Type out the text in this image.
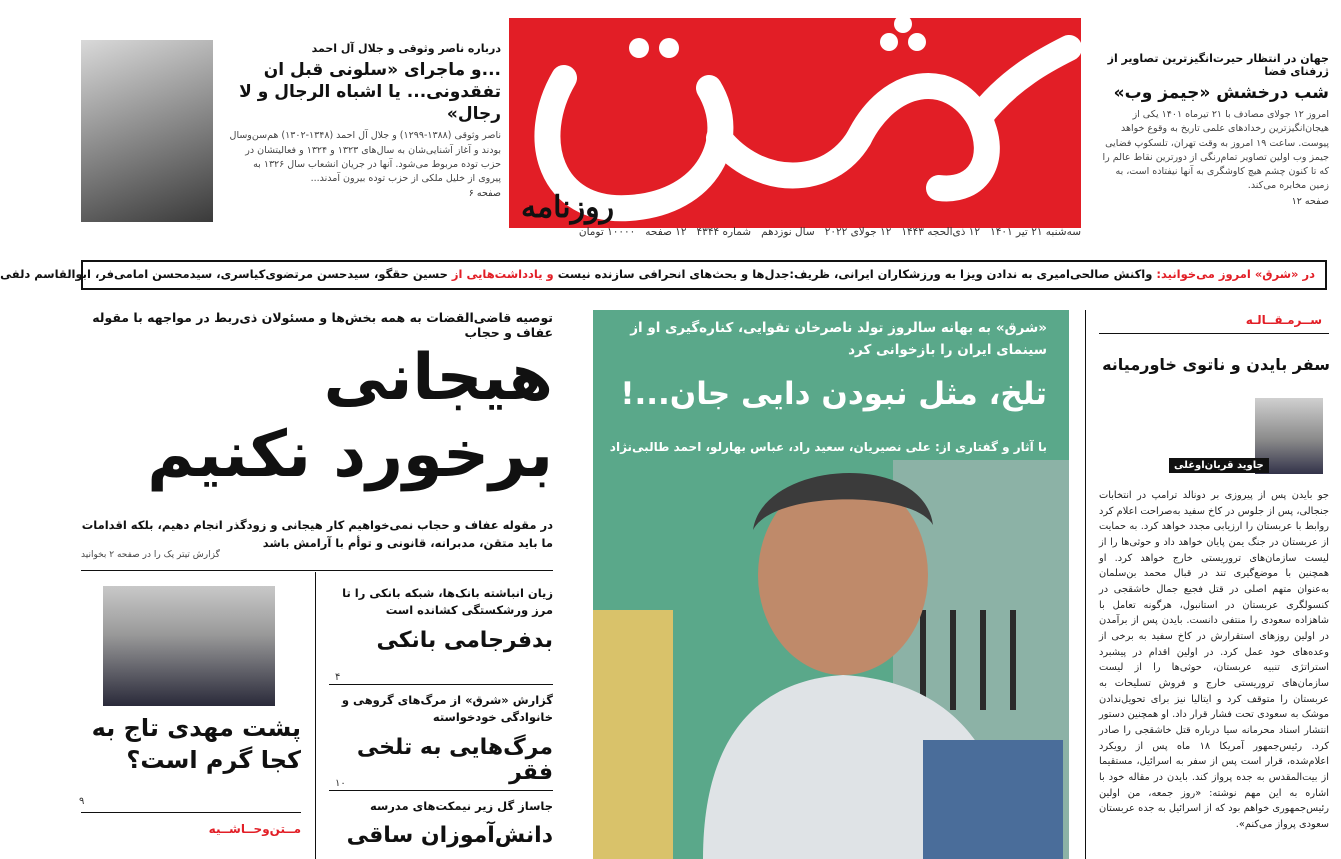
روزنامه
سه‌شنبه ۲۱ تیر ۱۴۰۱
۱۲ ذی‌الحجه ۱۴۴۳
۱۲ جولای ۲۰۲۲
سال نوزدهم
شماره ۴۳۴۴
۱۲ صفحه
۱۰۰۰۰ تومان
درباره ناصر وثوقی و جلال آل احمد
...و ماجرای «سلونی قبل ان تفقدونی... یا اشباه الرجال و لا رجال»
ناصر وثوقی (۱۳۸۸-۱۲۹۹) و جلال آل احمد (۱۳۴۸-۱۳۰۲) هم‌سن‌وسال بودند و آغاز آشنایی‌شان به سال‌های ۱۳۲۳ و ۱۳۲۴ و فعالیتشان در حزب توده مربوط می‌شود. آنها در جریان انشعاب سال ۱۳۲۶ به پیروی از خلیل ملکی از حزب توده بیرون آمدند...
صفحه ۶
جهان در انتظار حیرت‌انگیزترین تصاویر از ژرفنای فضا
شب درخشش «جیمز وب»
امروز ۱۲ جولای مصادف با ۲۱ تیرماه ۱۴۰۱ یکی از هیجان‌انگیزترین رخدادهای علمی تاریخ به وقوع خواهد پیوست. ساعت ۱۹ امروز به وقت تهران، تلسکوپ فضایی جیمز وب اولین تصاویر تمام‌رنگی از دورترین نقاط عالم را که تا کنون چشم هیچ کاوشگری به آنها نیفتاده است، به زمین مخابره می‌کند.
صفحه ۱۲
در «شرق» امروز می‌خوانید: واکنش صالحی‌امیری به ندادن ویزا به ورزشکاران ایرانی، ظریف:جدل‌ها و بحث‌های انحرافی سازنده نیست و یادداشت‌هایی از حسین حقگو، سیدحسن مرتضوی‌کیاسری، سیدمحسن امامی‌فر، ابوالقاسم دلفی
توصیه قاضی‌القضات به همه بخش‌ها و مسئولان ذی‌ربط در مواجهه با مقوله عفاف و حجاب
هیجانی
برخورد نکنیم
در مقوله عفاف و حجاب نمی‌خواهیم کار هیجانی و زودگذر انجام دهیم، بلکه اقدامات ما باید متقن، مدبرانه، قانونی و توأم با آرامش باشد
گزارش تیتر یک را در صفحه ۲ بخوانید
پشت مهدی تاج به کجا گرم است؟
۹
مــتن‌وحــاشــیه
زیان انباشته بانک‌ها، شبکه بانکی را تا مرز ورشکستگی کشانده است
بدفرجامی بانکی
۴
گزارش «شرق» از مرگ‌های گروهی و خانوادگی خودخواسته
مرگ‌هایی به تلخی فقر
۱۰
جاساز گل زیر نیمکت‌های مدرسه
دانش‌آموزان ساقی
«شرق» به بهانه سالروز تولد ناصرخان تقوایی، کناره‌گیری او از سینمای ایران را بازخوانی کرد
تلخ، مثل نبودن دایی جان...!
با آثار و گفتاری از: علی نصیریان، سعید راد، عباس بهارلو، احمد طالبی‌نژاد
ســرمـقــالـه
سفر بایدن و ناتوی خاورمیانه
جاوید قربان‌اوغلی
جو بایدن پس از پیروزی بر دونالد ترامپ در انتخابات جنجالی، پس از جلوس در کاخ سفید به‌صراحت اعلام کرد روابط با عربستان را ارزیابی مجدد خواهد کرد. به حمایت از عربستان در جنگ یمن پایان خواهد داد و حوثی‌ها را از لیست سازمان‌های تروریستی خارج خواهد کرد. او همچنین با موضع‌گیری تند در قبال محمد بن‌سلمان به‌عنوان متهم اصلی در قتل فجیع جمال خاشقجی در کنسولگری عربستان در استانبول، هرگونه تعامل با شاهزاده سعودی را منتفی دانست. بایدن پس از برآمدن در اولین روزهای استقرارش در کاخ سفید به برخی از وعده‌های خود عمل کرد. در اولین اقدام در پیشبرد استراتژی تنبیه عربستان، حوثی‌ها را از لیست سازمان‌های تروریستی خارج و فروش تسلیحات به عربستان را متوقف کرد و ایتالیا نیز برای تحویل‌ندادن موشک به سعودی تحت فشار قرار داد. او همچنین دستور انتشار اسناد محرمانه سیا درباره قتل خاشقجی را صادر کرد. رئیس‌جمهور آمریکا ۱۸ ماه پس از رویکرد اعلام‌شده، قرار است پس از سفر به اسرائیل، مستقیما از بیت‌المقدس به جده پرواز کند. بایدن در مقاله خود با اشاره به این مهم نوشته: «روز جمعه، من اولین رئیس‌جمهوری خواهم بود که از اسرائیل به جده عربستان سعودی پرواز می‌کنم».
